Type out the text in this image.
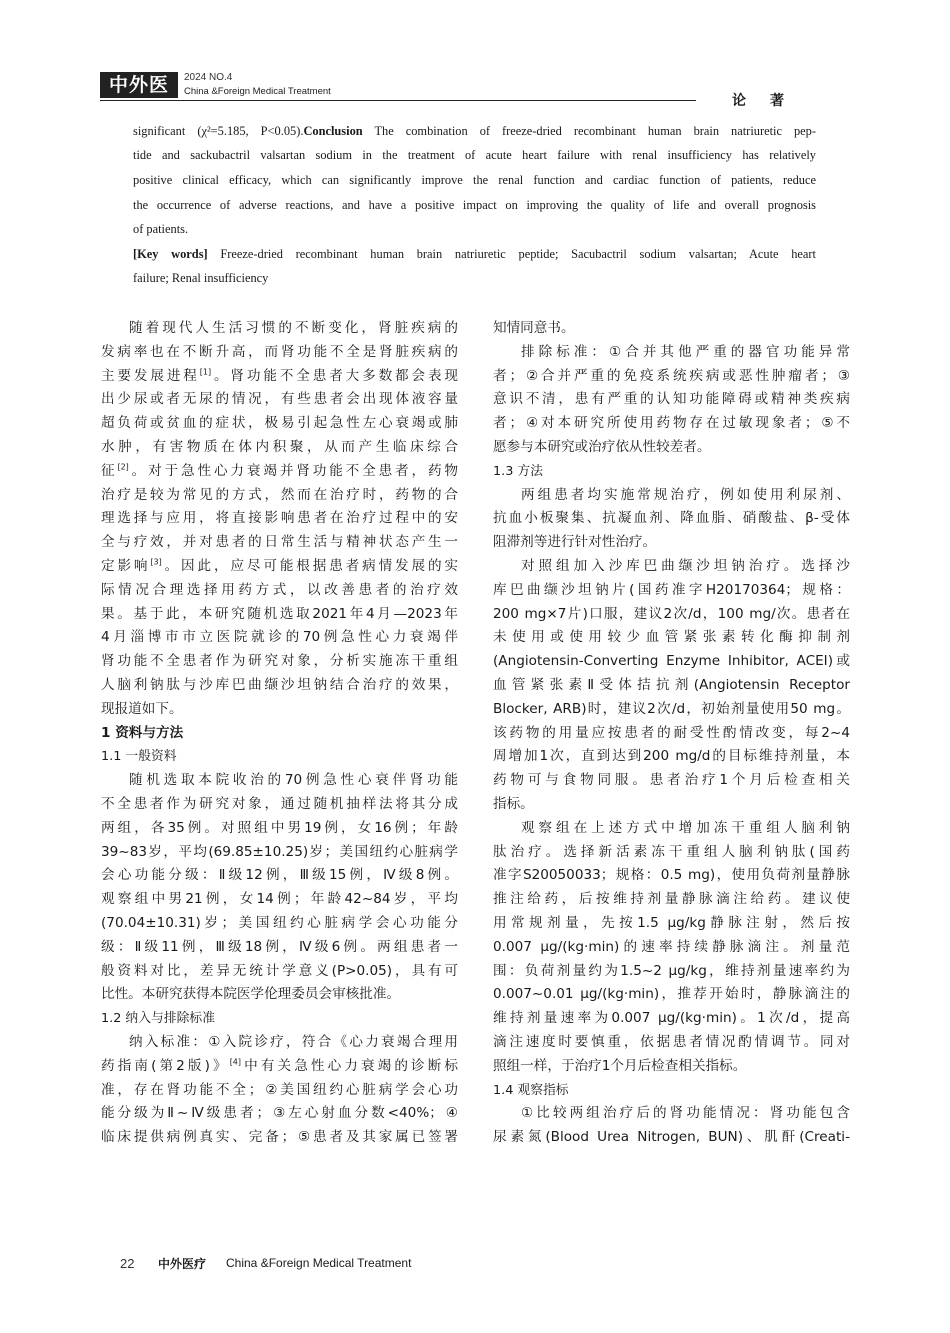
中外医疗
2024 NO.4
China &Foreign Medical Treatment
论著
significant (χ²=5.185, P<0.05).Conclusion The combination of freeze-dried recombinant human brain natriuretic pep-
tide and sackubactril valsartan sodium in the treatment of acute heart failure with renal insufficiency has relatively
positive clinical efficacy, which can significantly improve the renal function and cardiac function of patients, reduce
the occurrence of adverse reactions, and have a positive impact on improving the quality of life and overall prognosis
of patients.
[Key words] Freeze-dried recombinant human brain natriuretic peptide; Sacubactril sodium valsartan; Acute heart
failure; Renal insufficiency
随着现代人生活习惯的不断变化，肾脏疾病的
发病率也在不断升高，而肾功能不全是肾脏疾病的
主要发展进程[1]。肾功能不全患者大多数都会表现
出少尿或者无尿的情况，有些患者会出现体液容量
超负荷或贫血的症状，极易引起急性左心衰竭或肺
水肿，有害物质在体内积聚，从而产生临床综合
征[2]。对于急性心力衰竭并肾功能不全患者，药物
治疗是较为常见的方式，然而在治疗时，药物的合
理选择与应用，将直接影响患者在治疗过程中的安
全与疗效，并对患者的日常生活与精神状态产生一
定影响[3]。因此，应尽可能根据患者病情发展的实
际情况合理选择用药方式，以改善患者的治疗效
果。基于此，本研究随机选取2021年4月—2023年
4月淄博市市立医院就诊的70例急性心力衰竭伴
肾功能不全患者作为研究对象，分析实施冻干重组
人脑利钠肽与沙库巴曲缬沙坦钠结合治疗的效果，
现报道如下。
1 资料与方法
1.1 一般资料
随机选取本院收治的70例急性心衰伴肾功能
不全患者作为研究对象，通过随机抽样法将其分成
两组，各35例。对照组中男19例，女16例；年龄
39~83岁，平均(69.85±10.25)岁；美国纽约心脏病学
会心功能分级：Ⅱ级12例，Ⅲ级15例，Ⅳ级8例。
观察组中男21例，女14例；年龄42~84岁，平均
(70.04±10.31)岁；美国纽约心脏病学会心功能分
级：Ⅱ级11例，Ⅲ级18例，Ⅳ级6例。两组患者一
般资料对比，差异无统计学意义(P>0.05)，具有可
比性。本研究获得本院医学伦理委员会审核批准。
1.2 纳入与排除标准
纳入标准：①入院诊疗，符合《心力衰竭合理用
药指南(第2版)》[4]中有关急性心力衰竭的诊断标
准，存在肾功能不全；②美国纽约心脏病学会心功
能分级为Ⅱ~Ⅳ级患者；③左心射血分数<40%；④
临床提供病例真实、完备；⑤患者及其家属已签署
知情同意书。
排除标准：①合并其他严重的器官功能异常
者；②合并严重的免疫系统疾病或恶性肿瘤者；③
意识不清，患有严重的认知功能障碍或精神类疾病
者；④对本研究所使用药物存在过敏现象者；⑤不
愿参与本研究或治疗依从性较差者。
1.3 方法
两组患者均实施常规治疗，例如使用利尿剂、
抗血小板聚集、抗凝血剂、降血脂、硝酸盐、β-受体
阻滞剂等进行针对性治疗。
对照组加入沙库巴曲缬沙坦钠治疗。选择沙
库巴曲缬沙坦钠片(国药准字H20170364；规格：
200 mg×7片)口服，建议2次/d，100 mg/次。患者在
未使用或使用较少血管紧张素转化酶抑制剂
(Angiotensin-Converting Enzyme Inhibitor, ACEI)或
血管紧张素Ⅱ受体拮抗剂(Angiotensin Receptor
Blocker, ARB)时，建议2次/d，初始剂量使用50 mg。
该药物的用量应按患者的耐受性酌情改变，每2~4
周增加1次，直到达到200 mg/d的目标维持剂量，本
药物可与食物同服。患者治疗1个月后检查相关
指标。
观察组在上述方式中增加冻干重组人脑利钠
肽治疗。选择新活素冻干重组人脑利钠肽(国药
准字S20050033；规格：0.5 mg)，使用负荷剂量静脉
推注给药，后按维持剂量静脉滴注给药。建议使
用常规剂量，先按1.5 μg/kg静脉注射，然后按
0.007 μg/(kg·min)的速率持续静脉滴注。剂量范
围：负荷剂量约为1.5~2 μg/kg，维持剂量速率约为
0.007~0.01 μg/(kg·min)，推荐开始时，静脉滴注的
维持剂量速率为0.007 μg/(kg·min)。1次/d，提高
滴注速度时要慎重，依据患者情况酌情调节。同对
照组一样，于治疗1个月后检查相关指标。
1.4 观察指标
①比较两组治疗后的肾功能情况：肾功能包含
尿素氮(Blood Urea Nitrogen, BUN)、肌酐(Creati-
22 中外医疗 China &Foreign Medical Treatment
